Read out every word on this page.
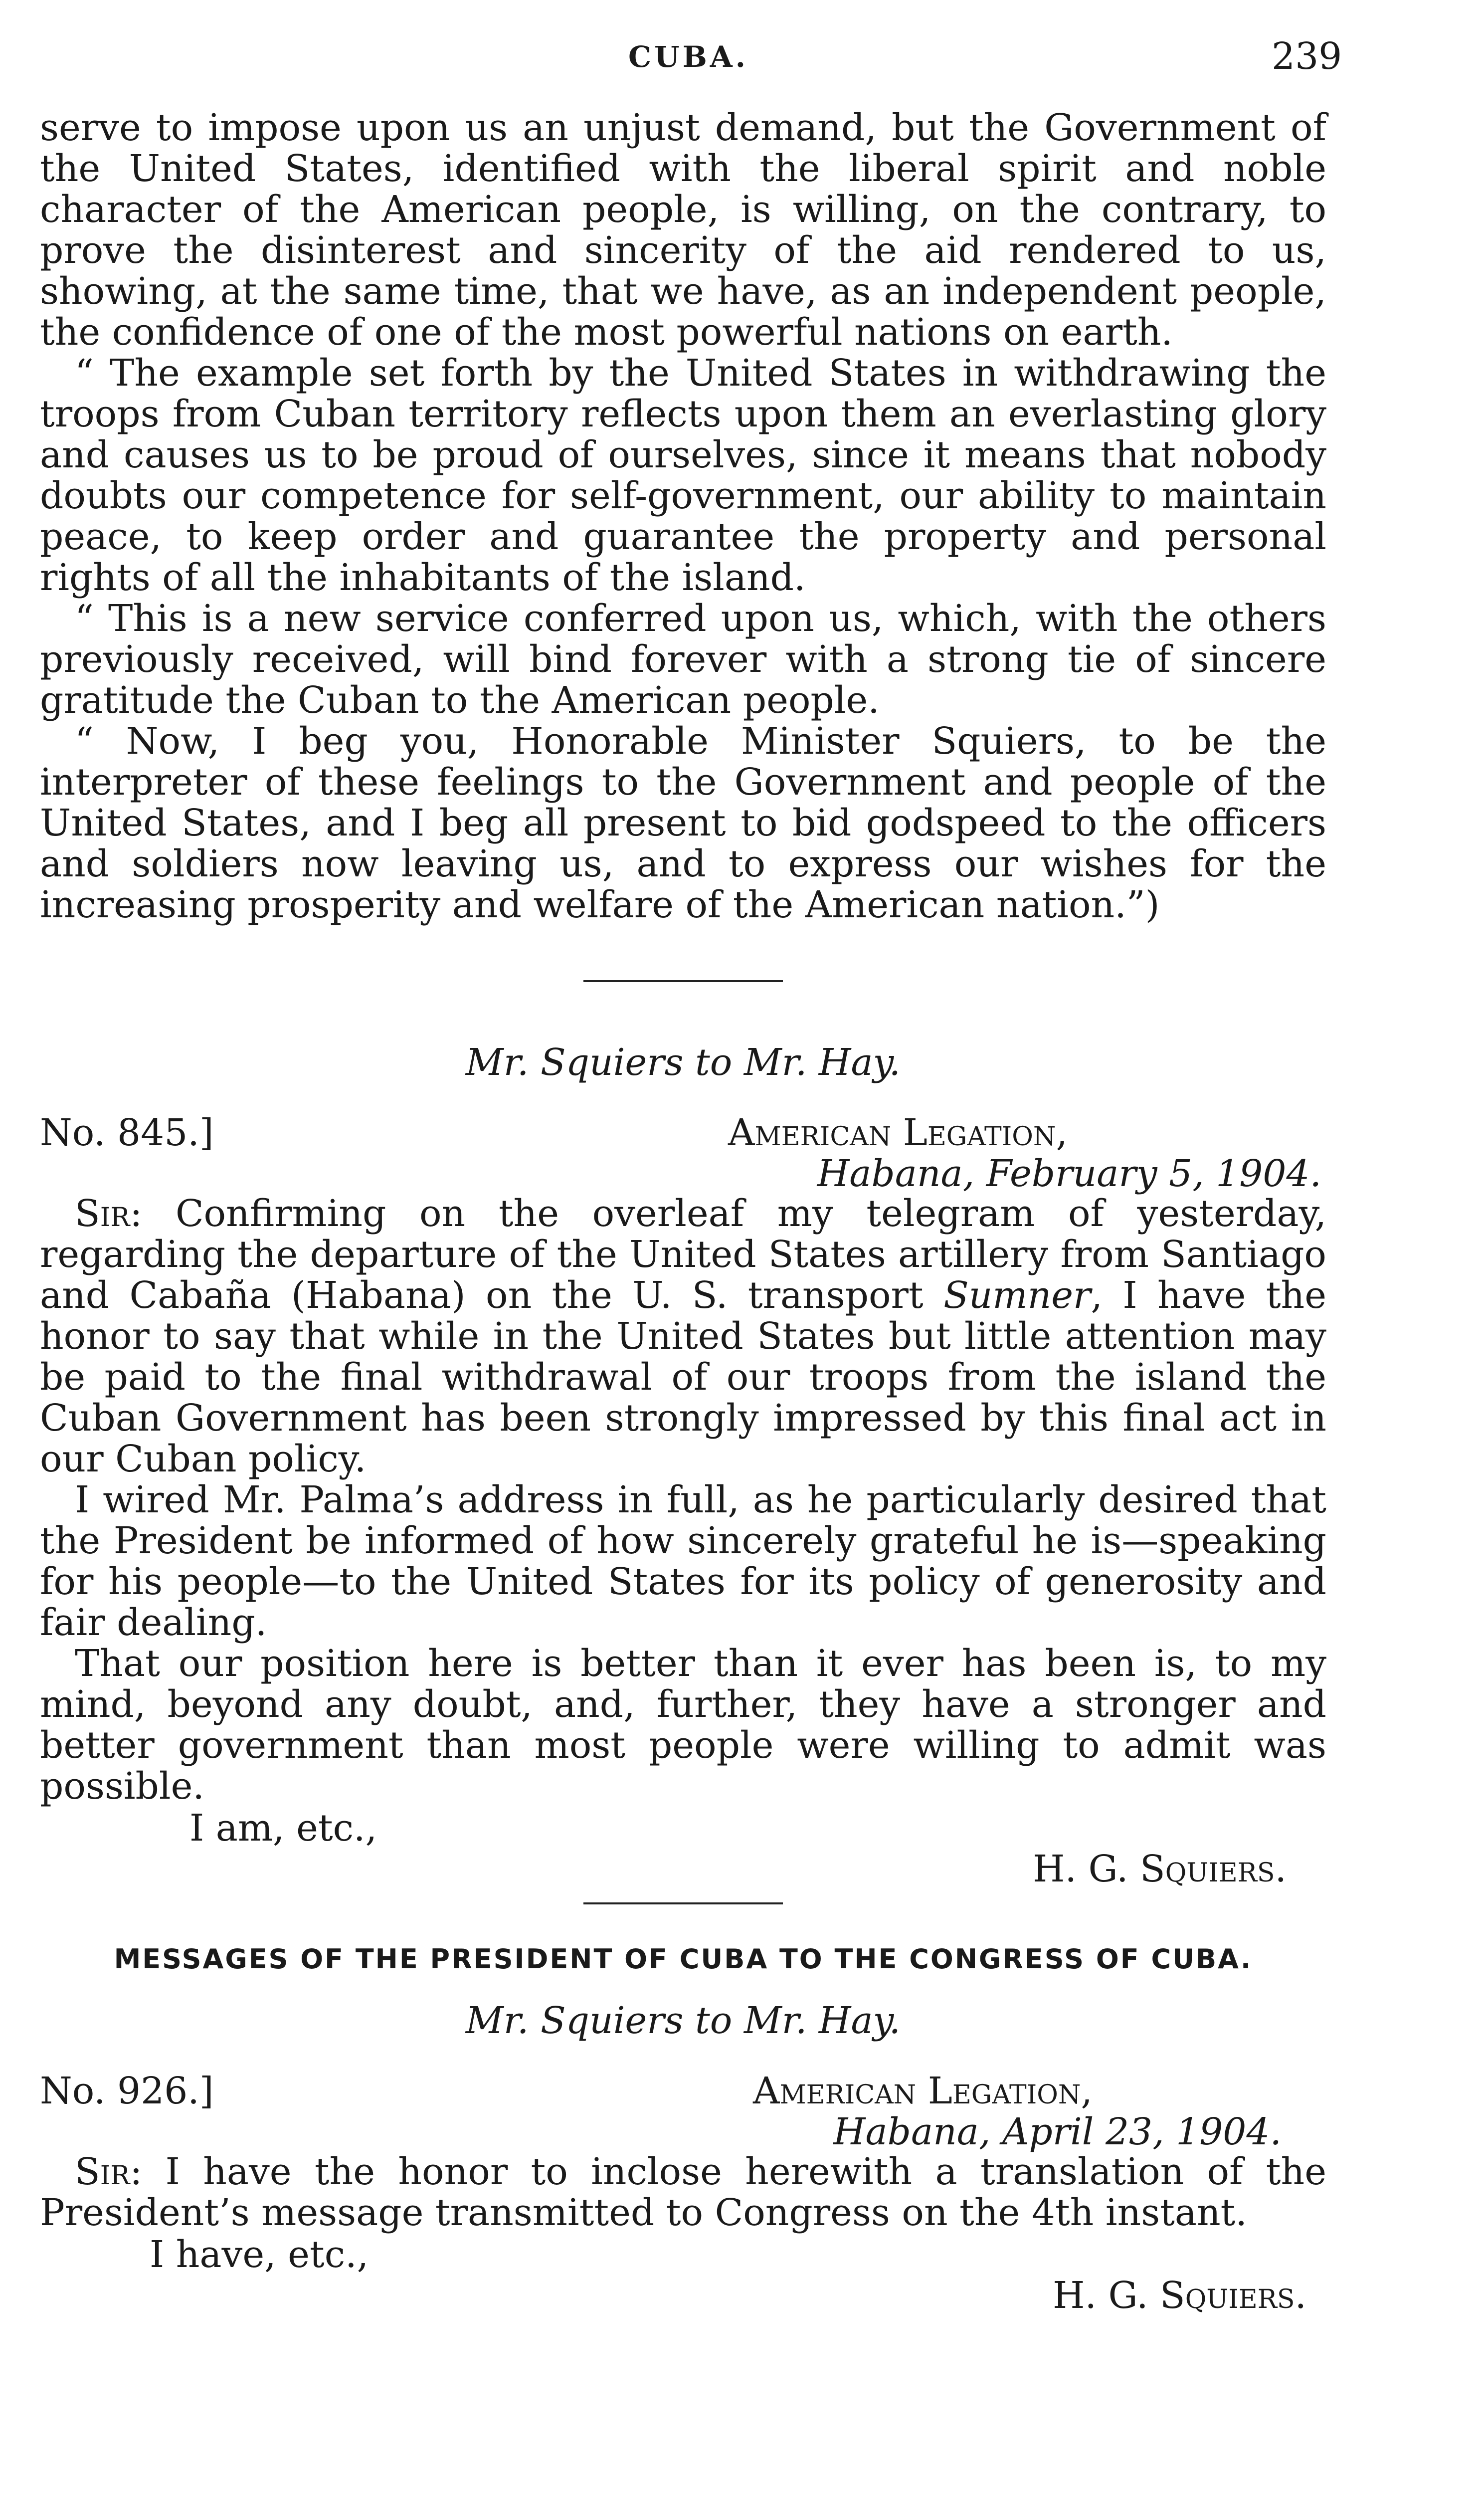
CUBA.	239

serve to impose upon us an unjust demand, but the Government of the United States, identified with the liberal spirit and noble character of the American people, is willing, on the contrary, to prove the disinterest and sincerity of the aid rendered to us, showing, at the same time, that we have, as an independent people, the confidence of one of the most powerful nations on earth.

“ The example set forth by the United States in withdrawing the troops from Cuban territory reflects upon them an everlasting glory and causes us to be proud of ourselves, since it means that nobody doubts our competence for self-government, our ability to maintain peace, to keep order and guarantee the property and personal rights of all the inhabitants of the island.

“ This is a new service conferred upon us, which, with the others previously received, will bind forever with a strong tie of sincere gratitude the Cuban to the American people.

“ Now, I beg you, Honorable Minister Squiers, to be the interpreter of these feelings to the Government and people of the United States, and I beg all present to bid godspeed to the officers and soldiers now leaving us, and to express our wishes for the increasing prosperity and welfare of the American nation.”)

Mr. Squiers to Mr. Hay.
No. 845.]	American Legation,
Habana, February 5, 1904.

Sir: Confirming on the overleaf my telegram of yesterday, regarding the departure of the United States artillery from Santiago and Cabaña (Habana) on the U. S. transport Sumner, I have the honor to say that while in the United States but little attention may be paid to the final withdrawal of our troops from the island the Cuban Government has been strongly impressed by this final act in our Cuban policy.

I wired Mr. Palma’s address in full, as he particularly desired that the President be informed of how sincerely grateful he is—speaking for his people—to the United States for its policy of generosity and fair dealing.

That our position here is better than it ever has been is, to my mind, beyond any doubt, and, further, they have a stronger and better government than most people were willing to admit was possible.

I am, etc.,
H. G. Squiers.
MESSAGES OF THE PRESIDENT OF CUBA TO THE CONGRESS OF CUBA.
Mr. Squiers to Mr. Hay.
No. 926.]	American Legation,
Habana, April 23, 1904.

Sir: I have the honor to inclose herewith a translation of the President’s message transmitted to Congress on the 4th instant.

I have, etc.,
H. G. Squiers.
